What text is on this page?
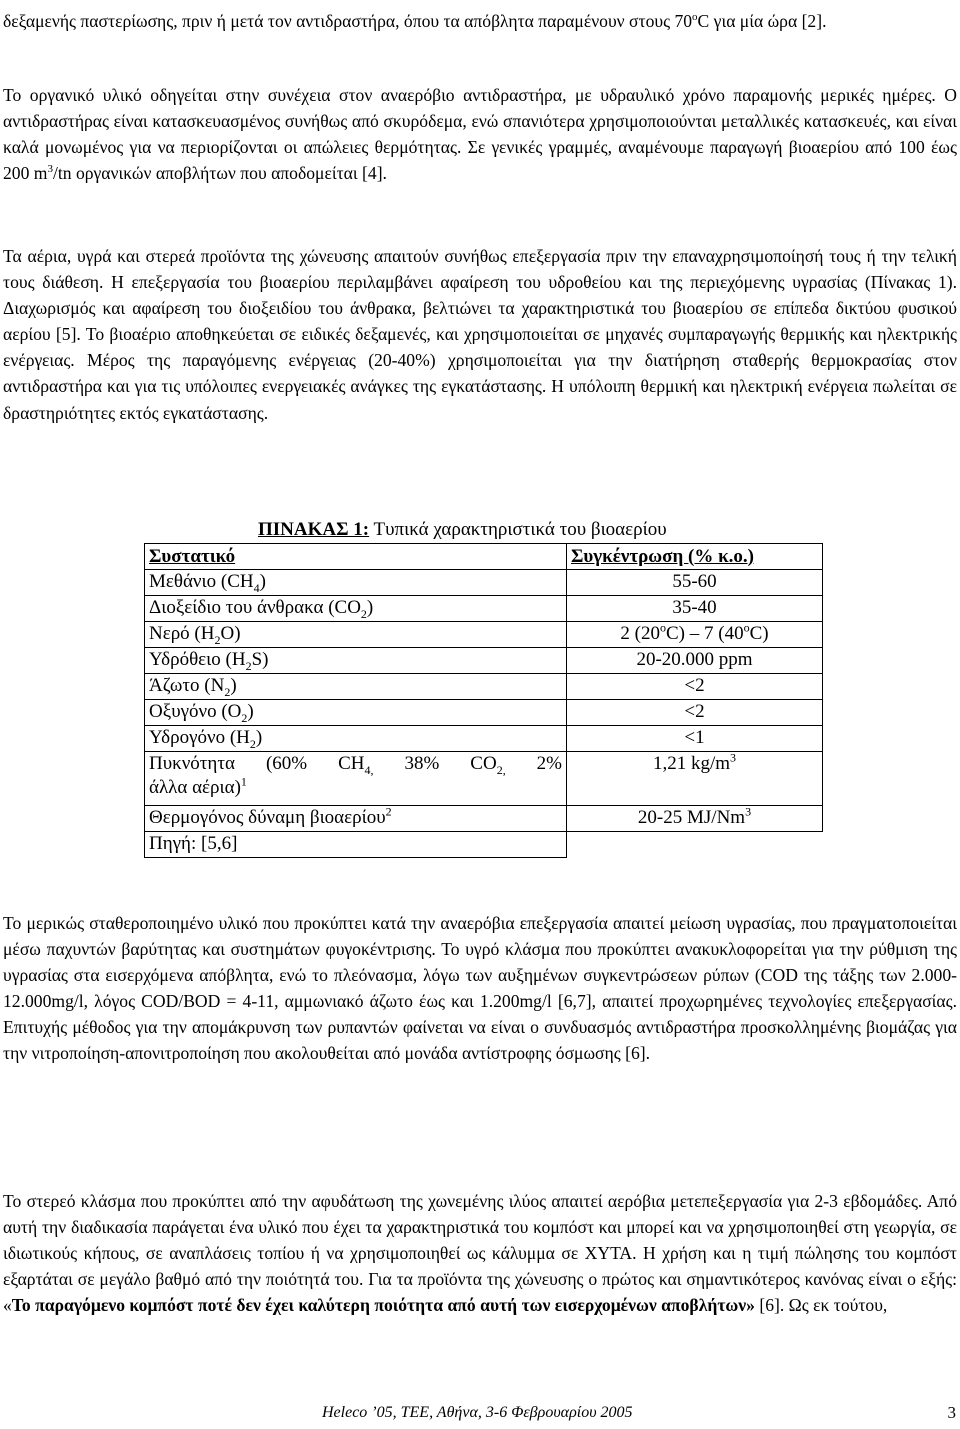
δεξαμενής παστερίωσης, πριν ή μετά τον αντιδραστήρα, όπου τα απόβλητα παραμένουν στους 70$^o$C για μία ώρα [2].

Το οργανικό υλικό οδηγείται στην συνέχεια στον αναερόβιο αντιδραστήρα, με υδραυλικό χρόνο παραμονής μερικές ημέρες. Ο αντιδραστήρας είναι κατασκευασμένος συνήθως από σκυρόδεμα, ενώ σπανιότερα χρησιμοποιούνται μεταλλικές κατασκευές, και είναι καλά μονωμένος για να περιορίζονται οι απώλειες θερμότητας. Σε γενικές γραμμές, αναμένουμε παραγωγή βιοαερίου από 100 έως 200 $m^3/tn$ οργανικών αποβλήτων που αποδομείται [4].

Τα αέρια, υγρά και στερεά προϊόντα της χώνευσης απαιτούν συνήθως επεξεργασία πριν την επαναχρησιμοποίησή τους ή την τελική τους διάθεση. Η επεξεργασία του βιοαερίου περιλαμβάνει αφαίρεση του υδροθείου και της περιεχόμενης υγρασίας (Πίνακας 1). Διαχωρισμός και αφαίρεση του διοξειδίου του άνθρακα, βελτιώνει τα χαρακτηριστικά του βιοαερίου σε επίπεδα δικτύου φυσικού αερίου [5]. Το βιοαέριο αποθηκεύεται σε ειδικές δεξαμενές, και χρησιμοποιείται σε μηχανές συμπαραγωγής θερμικής και ηλεκτρικής ενέργειας. Μέρος της παραγόμενης ενέργειας (20-40%) χρησιμοποιείται για την διατήρηση σταθερής θερμοκρασίας στον αντιδραστήρα και για τις υπόλοιπες ενεργειακές ανάγκες της εγκατάστασης. Η υπόλοιπη θερμική και ηλεκτρική ενέργεια πωλείται σε δραστηριότητες εκτός εγκατάστασης.

ΠΙΝΑΚΑΣ 1: Τυπικά χαρακτηριστικά του βιοαερίου
Συστατικό	Συγκέντρωση (% κ.ο.)
Μεθάνιο $(CH_4)$	55-60
Διοξείδιο του άνθρακα $(CO_2)$	35-40
Νερό $(H_2O)$	2 (20$^o$C) – 7 (40$^o$C)
Υδρόθειο $(H_2S)$	20-20.000 ppm
Άζωτο $(N_2)$	<2
Οξυγόνο $(O_2)$	<2
Υδρογόνο $(H_2)$	<1

Πυκνότητα (60% $CH_{4,}$ 38% $CO_{2,}$ 2%
άλλα αέρια)$^1$	1,21 $kg/m^3$
Θερμογόνος δύναμη βιοαερίου$^2$	20-25 MJ/Nm$^3$
Πηγή: [5,6]	

Το μερικώς σταθεροποιημένο υλικό που προκύπτει κατά την αναερόβια επεξεργασία απαιτεί μείωση υγρασίας, που πραγματοποιείται μέσω παχυντών βαρύτητας και συστημάτων φυγοκέντρισης. Το υγρό κλάσμα που προκύπτει ανακυκλοφορείται για την ρύθμιση της υγρασίας στα εισερχόμενα απόβλητα, ενώ το πλεόνασμα, λόγω των αυξημένων συγκεντρώσεων ρύπων (COD της τάξης των 2.000-12.000mg/l, λόγος COD/BOD = 4-11, αμμωνιακό άζωτο έως και 1.200mg/l [6,7], απαιτεί προχωρημένες τεχνολογίες επεξεργασίας. Επιτυχής μέθοδος για την απομάκρυνση των ρυπαντών φαίνεται να είναι ο συνδυασμός αντιδραστήρα προσκολλημένης βιομάζας για την νιτροποίηση-απονιτροποίηση που ακολουθείται από μονάδα αντίστροφης όσμωσης [6].

Το στερεό κλάσμα που προκύπτει από την αφυδάτωση της χωνεμένης ιλύος απαιτεί αερόβια μετεπεξεργασία για 2-3 εβδομάδες. Από αυτή την διαδικασία παράγεται ένα υλικό που έχει τα χαρακτηριστικά του κομπόστ και μπορεί και να χρησιμοποιηθεί στη γεωργία, σε ιδιωτικούς κήπους, σε αναπλάσεις τοπίου ή να χρησιμοποιηθεί ως κάλυμμα σε ΧΥΤΑ. Η χρήση και η τιμή πώλησης του κομπόστ εξαρτάται σε μεγάλο βαθμό από την ποιότητά του. Για τα προϊόντα της χώνευσης ο πρώτος και σημαντικότερος κανόνας είναι ο εξής: «Το παραγόμενο κομπόστ ποτέ δεν έχει καλύτερη ποιότητα από αυτή των εισερχομένων αποβλήτων» [6]. Ως εκ τούτου,

Heleco ’05, ΤΕΕ, Αθήνα, 3-6 Φεβρουαρίου 2005	3
